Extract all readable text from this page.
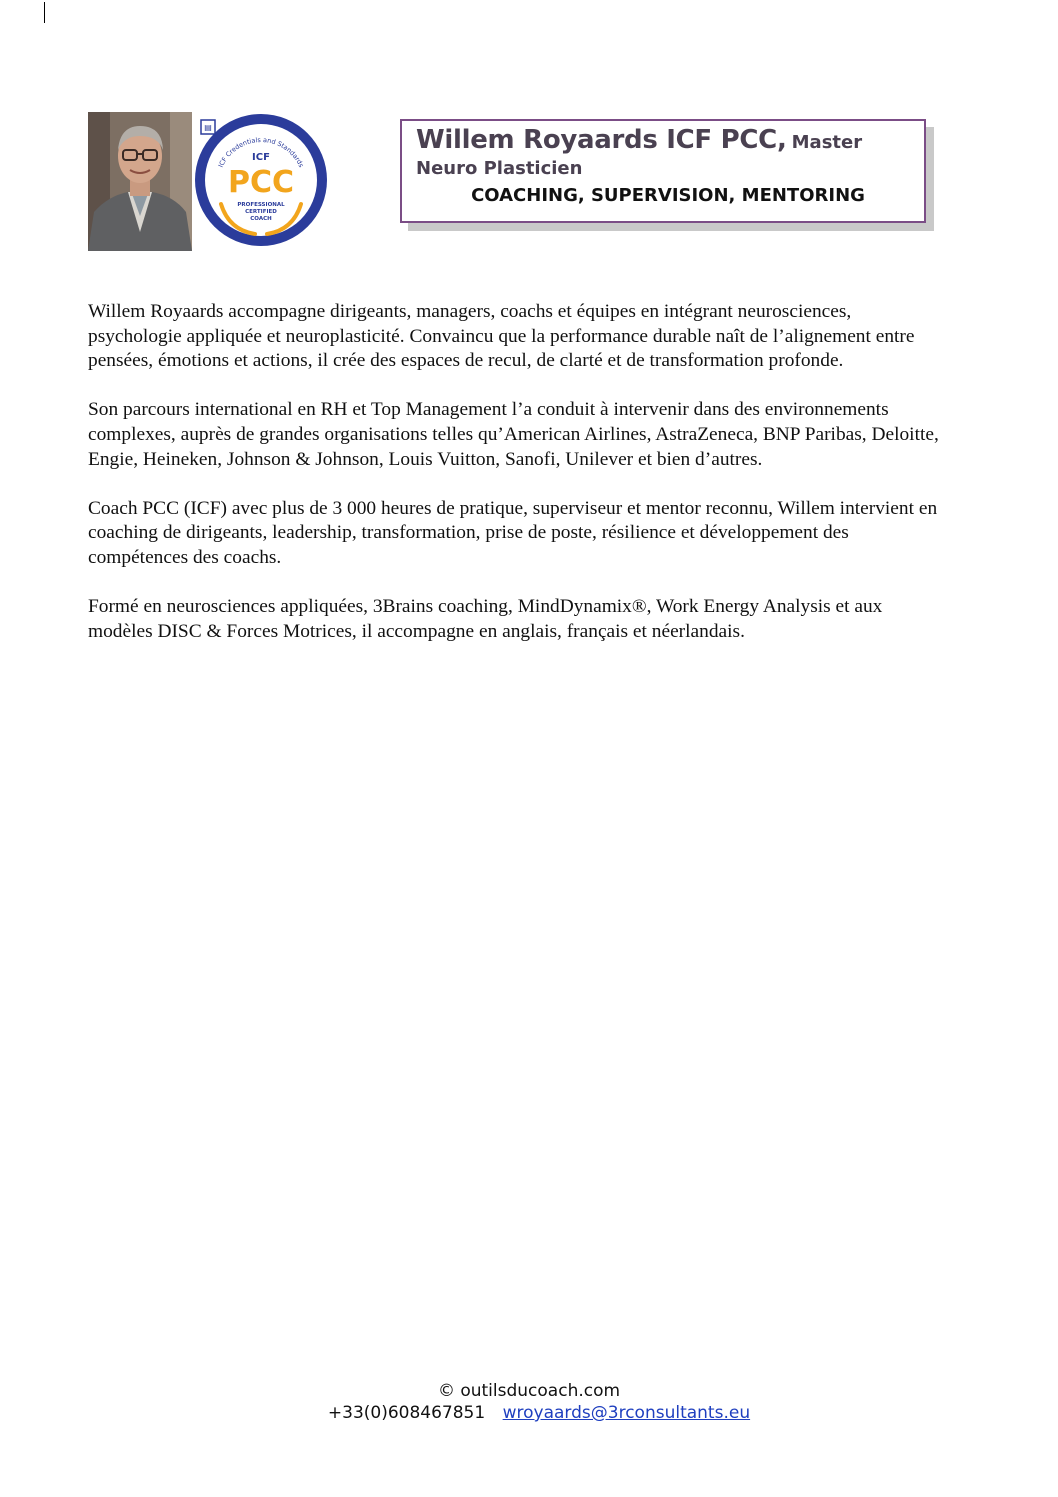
▤
ICF Credentials and Standards
ICF
PCC
PROFESSIONAL
CERTIFIED
COACH
Willem Royaards ICF PCC, Master Neuro Plasticien
COACHING, SUPERVISION, MENTORING

Willem Royaards accompagne dirigeants, managers, coachs et équipes en intégrant neurosciences, psychologie appliquée et neuroplasticité. Convaincu que la performance durable naît de l’alignement entre pensées, émotions et actions, il crée des espaces de recul, de clarté et de transformation profonde.

Son parcours international en RH et Top Management l’a conduit à intervenir dans des environnements complexes, auprès de grandes organisations telles qu’American Airlines, AstraZeneca, BNP Paribas, Deloitte, Engie, Heineken, Johnson & Johnson, Louis Vuitton, Sanofi, Unilever et bien d’autres.

Coach PCC (ICF) avec plus de 3 000 heures de pratique, superviseur et mentor reconnu, Willem intervient en coaching de dirigeants, leadership, transformation, prise de poste, résilience et développement des compétences des coachs.

Formé en neurosciences appliquées, 3Brains coaching, MindDynamix®, Work Energy Analysis et aux modèles DISC & Forces Motrices, il accompagne en anglais, français et néerlandais.

© outilsducoach.com
+33(0)608467851 wroyaards@3rconsultants.eu
